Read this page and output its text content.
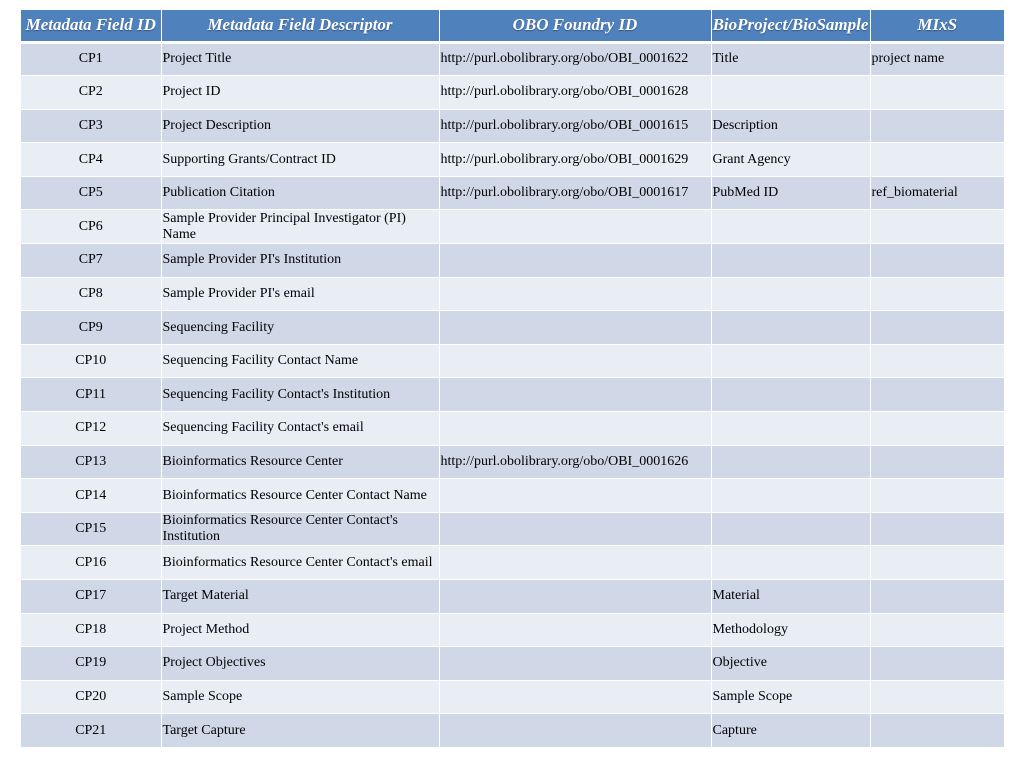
Metadata Field ID	Metadata Field Descriptor	OBO Foundry ID	BioProject/BioSample	MIxS
CP1	Project Title	http://purl.obolibrary.org/obo/OBI_0001622	Title	project name
CP2	Project ID	http://purl.obolibrary.org/obo/OBI_0001628		
CP3	Project Description	http://purl.obolibrary.org/obo/OBI_0001615	Description	
CP4	Supporting Grants/Contract ID	http://purl.obolibrary.org/obo/OBI_0001629	Grant Agency	
CP5	Publication Citation	http://purl.obolibrary.org/obo/OBI_0001617	PubMed ID	ref_biomaterial
CP6	Sample Provider Principal Investigator (PI) Name			
CP7	Sample Provider PI's Institution			
CP8	Sample Provider PI's email			
CP9	Sequencing Facility			
CP10	Sequencing Facility Contact Name			
CP11	Sequencing Facility Contact's Institution			
CP12	Sequencing Facility Contact's email			
CP13	Bioinformatics Resource Center	http://purl.obolibrary.org/obo/OBI_0001626		
CP14	Bioinformatics Resource Center Contact Name			
CP15	Bioinformatics Resource Center Contact's Institution			
CP16	Bioinformatics Resource Center Contact's email			
CP17	Target Material		Material	
CP18	Project Method		Methodology	
CP19	Project Objectives		Objective	
CP20	Sample Scope		Sample Scope	
CP21	Target Capture		Capture	
